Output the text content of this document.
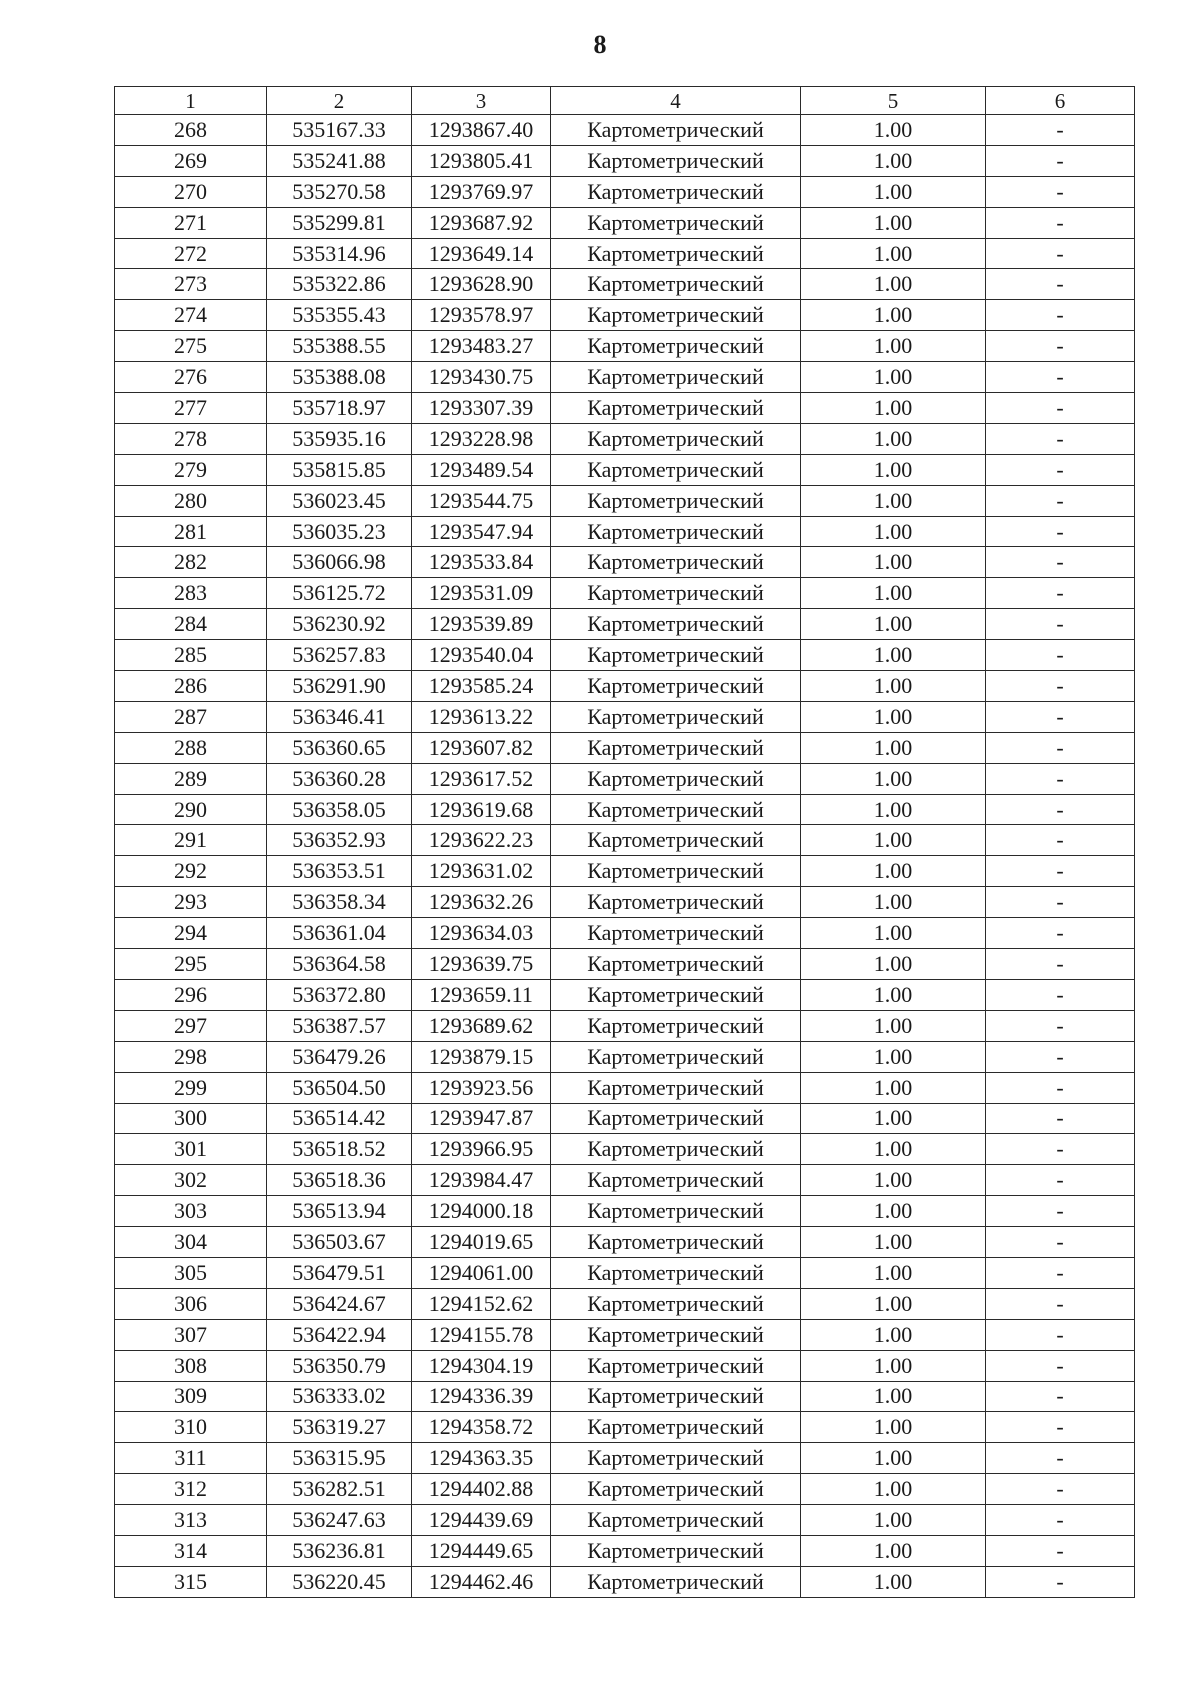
8
1	2	3	4	5	6
268	535167.33	1293867.40	Картометрический	1.00	-
269	535241.88	1293805.41	Картометрический	1.00	-
270	535270.58	1293769.97	Картометрический	1.00	-
271	535299.81	1293687.92	Картометрический	1.00	-
272	535314.96	1293649.14	Картометрический	1.00	-
273	535322.86	1293628.90	Картометрический	1.00	-
274	535355.43	1293578.97	Картометрический	1.00	-
275	535388.55	1293483.27	Картометрический	1.00	-
276	535388.08	1293430.75	Картометрический	1.00	-
277	535718.97	1293307.39	Картометрический	1.00	-
278	535935.16	1293228.98	Картометрический	1.00	-
279	535815.85	1293489.54	Картометрический	1.00	-
280	536023.45	1293544.75	Картометрический	1.00	-
281	536035.23	1293547.94	Картометрический	1.00	-
282	536066.98	1293533.84	Картометрический	1.00	-
283	536125.72	1293531.09	Картометрический	1.00	-
284	536230.92	1293539.89	Картометрический	1.00	-
285	536257.83	1293540.04	Картометрический	1.00	-
286	536291.90	1293585.24	Картометрический	1.00	-
287	536346.41	1293613.22	Картометрический	1.00	-
288	536360.65	1293607.82	Картометрический	1.00	-
289	536360.28	1293617.52	Картометрический	1.00	-
290	536358.05	1293619.68	Картометрический	1.00	-
291	536352.93	1293622.23	Картометрический	1.00	-
292	536353.51	1293631.02	Картометрический	1.00	-
293	536358.34	1293632.26	Картометрический	1.00	-
294	536361.04	1293634.03	Картометрический	1.00	-
295	536364.58	1293639.75	Картометрический	1.00	-
296	536372.80	1293659.11	Картометрический	1.00	-
297	536387.57	1293689.62	Картометрический	1.00	-
298	536479.26	1293879.15	Картометрический	1.00	-
299	536504.50	1293923.56	Картометрический	1.00	-
300	536514.42	1293947.87	Картометрический	1.00	-
301	536518.52	1293966.95	Картометрический	1.00	-
302	536518.36	1293984.47	Картометрический	1.00	-
303	536513.94	1294000.18	Картометрический	1.00	-
304	536503.67	1294019.65	Картометрический	1.00	-
305	536479.51	1294061.00	Картометрический	1.00	-
306	536424.67	1294152.62	Картометрический	1.00	-
307	536422.94	1294155.78	Картометрический	1.00	-
308	536350.79	1294304.19	Картометрический	1.00	-
309	536333.02	1294336.39	Картометрический	1.00	-
310	536319.27	1294358.72	Картометрический	1.00	-
311	536315.95	1294363.35	Картометрический	1.00	-
312	536282.51	1294402.88	Картометрический	1.00	-
313	536247.63	1294439.69	Картометрический	1.00	-
314	536236.81	1294449.65	Картометрический	1.00	-
315	536220.45	1294462.46	Картометрический	1.00	-
